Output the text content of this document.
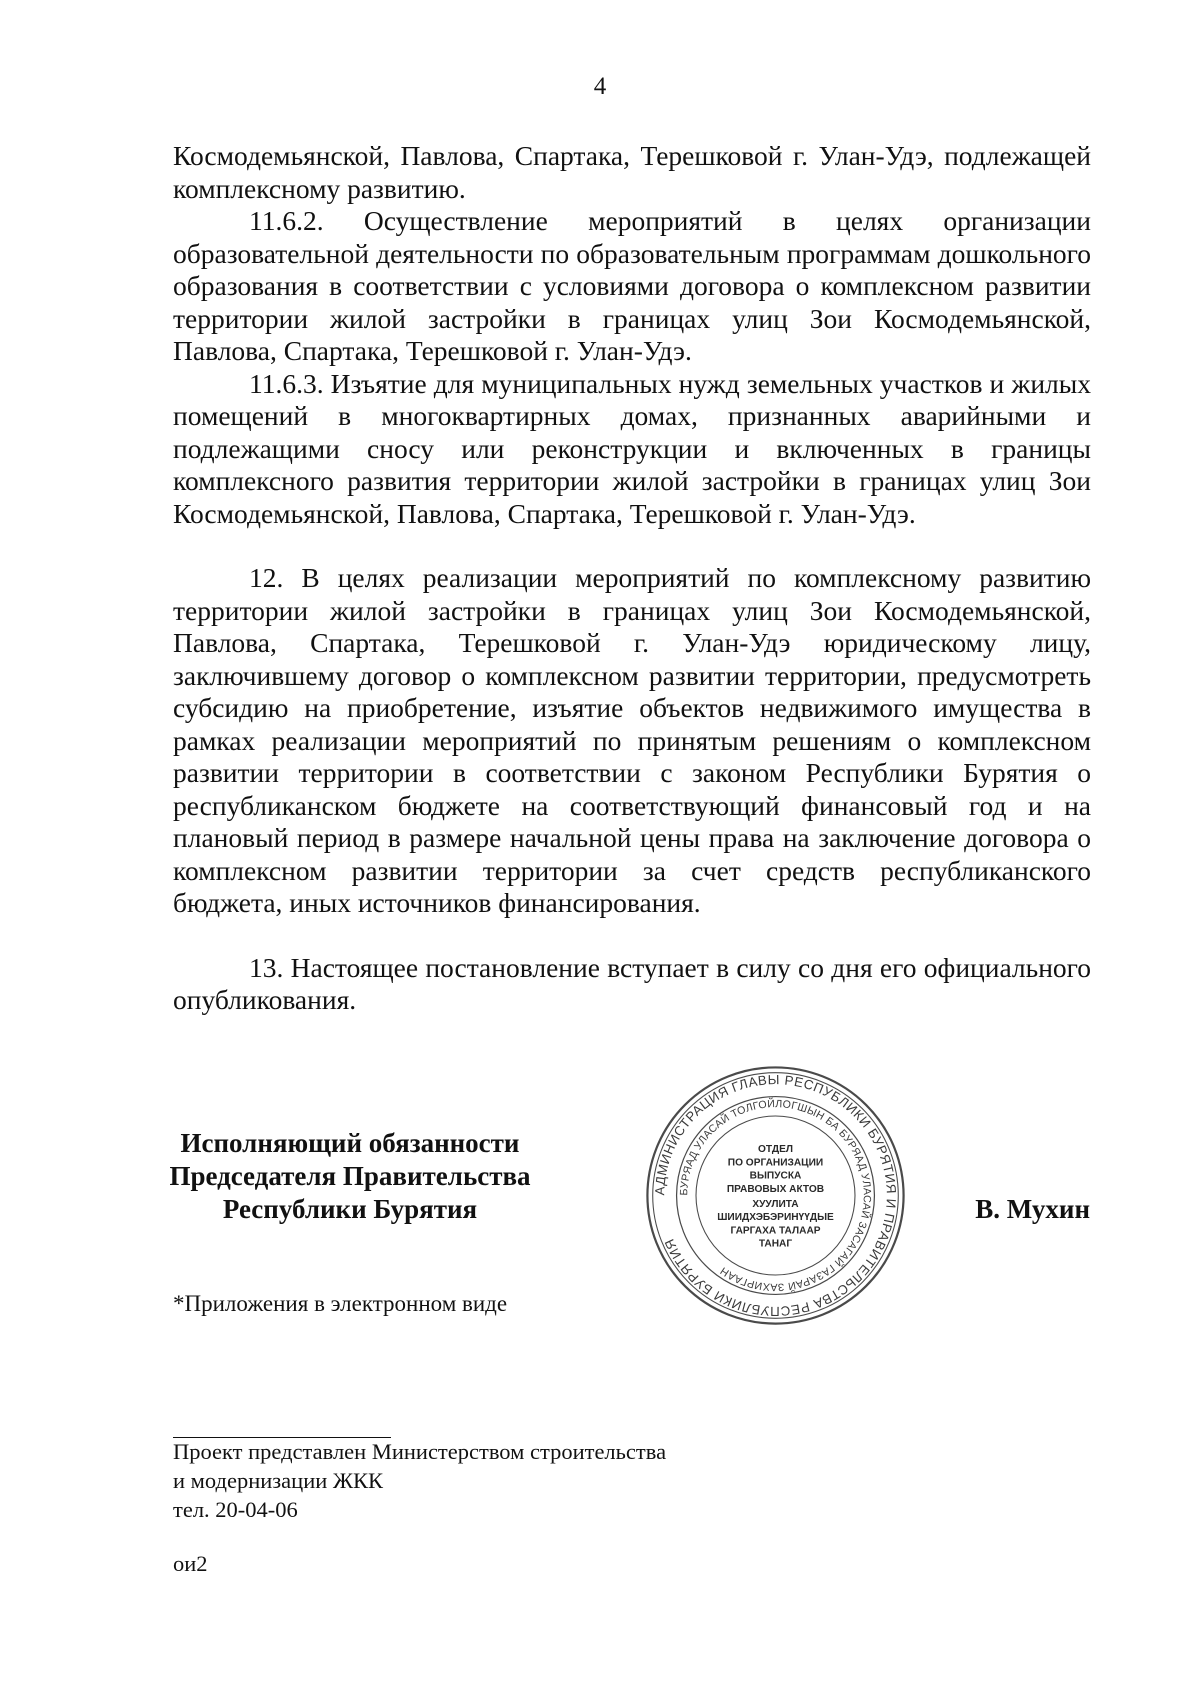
4

Космодемьянской, Павлова, Спартака, Терешковой г. Улан-Удэ, подлежащей комплексному развитию.

11.6.2. Осуществление мероприятий в целях организации образовательной деятельности по образовательным программам дошкольного образования в соответствии с условиями договора о комплексном развитии территории жилой застройки в границах улиц Зои Космодемьянской, Павлова, Спартака, Терешковой г. Улан-Удэ.

11.6.3. Изъятие для муниципальных нужд земельных участков и жилых помещений в многоквартирных домах, признанных аварийными и подлежащими сносу или реконструкции и включенных в границы комплексного развития территории жилой застройки в границах улиц Зои Космодемьянской, Павлова, Спартака, Терешковой г. Улан-Удэ.

12. В целях реализации мероприятий по комплексному развитию территории жилой застройки в границах улиц Зои Космодемьянской, Павлова, Спартака, Терешковой г. Улан-Удэ юридическому лицу, заключившему договор о комплексном развитии территории, предусмотреть субсидию на приобретение, изъятие объектов недвижимого имущества в рамках реализации мероприятий по принятым решениям о комплексном развитии территории в соответствии с законом Республики Бурятия о республиканском бюджете на соответствующий финансовый год и на плановый период в размере начальной цены права на заключение договора о комплексном развитии территории за счет средств республиканского бюджета, иных источников финансирования.

13. Настоящее постановление вступает в силу со дня его официального опубликования.

Исполняющий обязанности
Председателя Правительства
Республики Бурятия
АДМИНИСТРАЦИЯ ГЛАВЫ РЕСПУБЛИКИ БУРЯТИЯ И ПРАВИТЕЛЬСТВА РЕСПУБЛИКИ БУРЯТИЯ
БУРЯАД УЛАСАЙ ТОЛГОЙЛОГШЫН БА БУРЯАД УЛАСАЙ ЗАСАГАЙ ГАЗАРАЙ ЗАХИРГААН
ОТДЕЛ
ПО ОРГАНИЗАЦИИ
ВЫПУСКА
ПРАВОВЫХ АКТОВ
ХУУЛИТА
ШИИДХЭБЭРИНҮҮДЫЕ
ГАРГАХА ТАЛААР
ТАНАГ
В. Мухин
*Приложения в электронном виде
Проект представлен Министерством строительства
и модернизации ЖКК
тел. 20-04-06
ои2
